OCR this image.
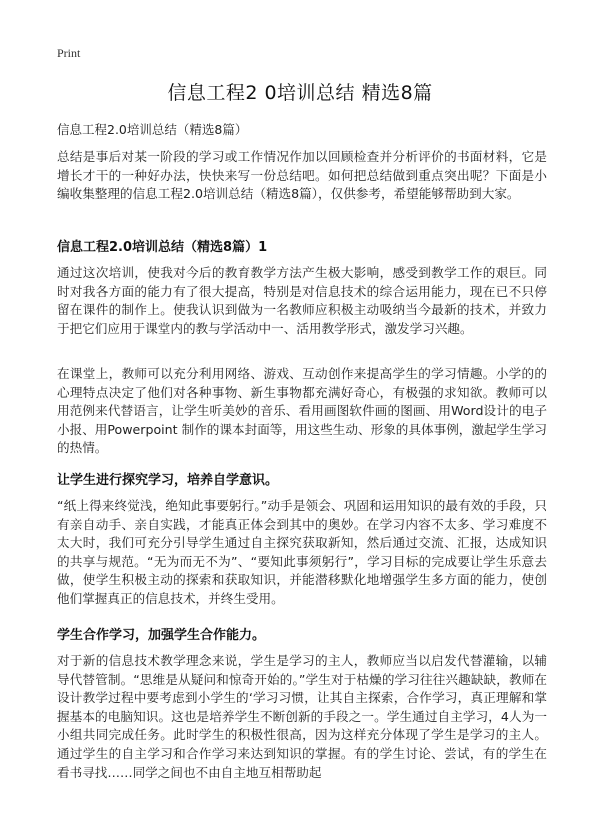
Print
信息工程2 0培训总结 精选8篇
信息工程2.0培训总结（精选8篇）
总结是事后对某一阶段的学习或工作情况作加以回顾检查并分析评价的书面材料，它是增长才干的一种好办法，快快来写一份总结吧。如何把总结做到重点突出呢？下面是小编收集整理的信息工程2.0培训总结（精选8篇），仅供参考，希望能够帮助到大家。
信息工程2.0培训总结（精选8篇）1
通过这次培训，使我对今后的教育教学方法产生极大影响，感受到教学工作的艰巨。同时对我各方面的能力有了很大提高，特别是对信息技术的综合运用能力，现在已不只停留在课件的制作上。使我认识到做为一名教师应积极主动吸纳当今最新的技术，并致力于把它们应用于课堂内的教与学活动中一、活用教学形式，激发学习兴趣。
在课堂上，教师可以充分利用网络、游戏、互动创作来提高学生的学习情趣。小学的的心理特点决定了他们对各种事物、新生事物都充满好奇心，有极强的求知欲。教师可以用范例来代替语言，让学生听美妙的音乐、看用画图软件画的图画、用Word设计的电子小报、用Powerpoint 制作的课本封面等，用这些生动、形象的具体事例，激起学生学习的热情。
让学生进行探究学习，培养自学意识。
“纸上得来终觉浅，绝知此事要躬行。”动手是领会、巩固和运用知识的最有效的手段，只有亲自动手、亲自实践，才能真正体会到其中的奥妙。在学习内容不太多、学习难度不太大时，我们可充分引导学生通过自主探究获取新知，然后通过交流、汇报，达成知识的共享与规范。“无为而无不为”、“要知此事须躬行”，学习目标的完成要让学生乐意去做，使学生积极主动的探索和获取知识，并能潜移默化地增强学生多方面的能力，使创他们掌握真正的信息技术，并终生受用。
学生合作学习，加强学生合作能力。
对于新的信息技术教学理念来说，学生是学习的主人，教师应当以启发代替灌输，以辅导代替管制。“思维是从疑问和惊奇开始的。”学生对于枯燥的学习往往兴趣缺缺，教师在设计教学过程中要考虑到小学生的‘学习习惯，让其自主探索，合作学习，真正理解和掌握基本的电脑知识。这也是培养学生不断创新的手段之一。学生通过自主学习，4人为一小组共同完成任务。此时学生的积极性很高，因为这样充分体现了学生是学习的主人。通过学生的自主学习和合作学习来达到知识的掌握。有的学生讨论、尝试，有的学生在看书寻找……同学之间也不由自主地互相帮助起
